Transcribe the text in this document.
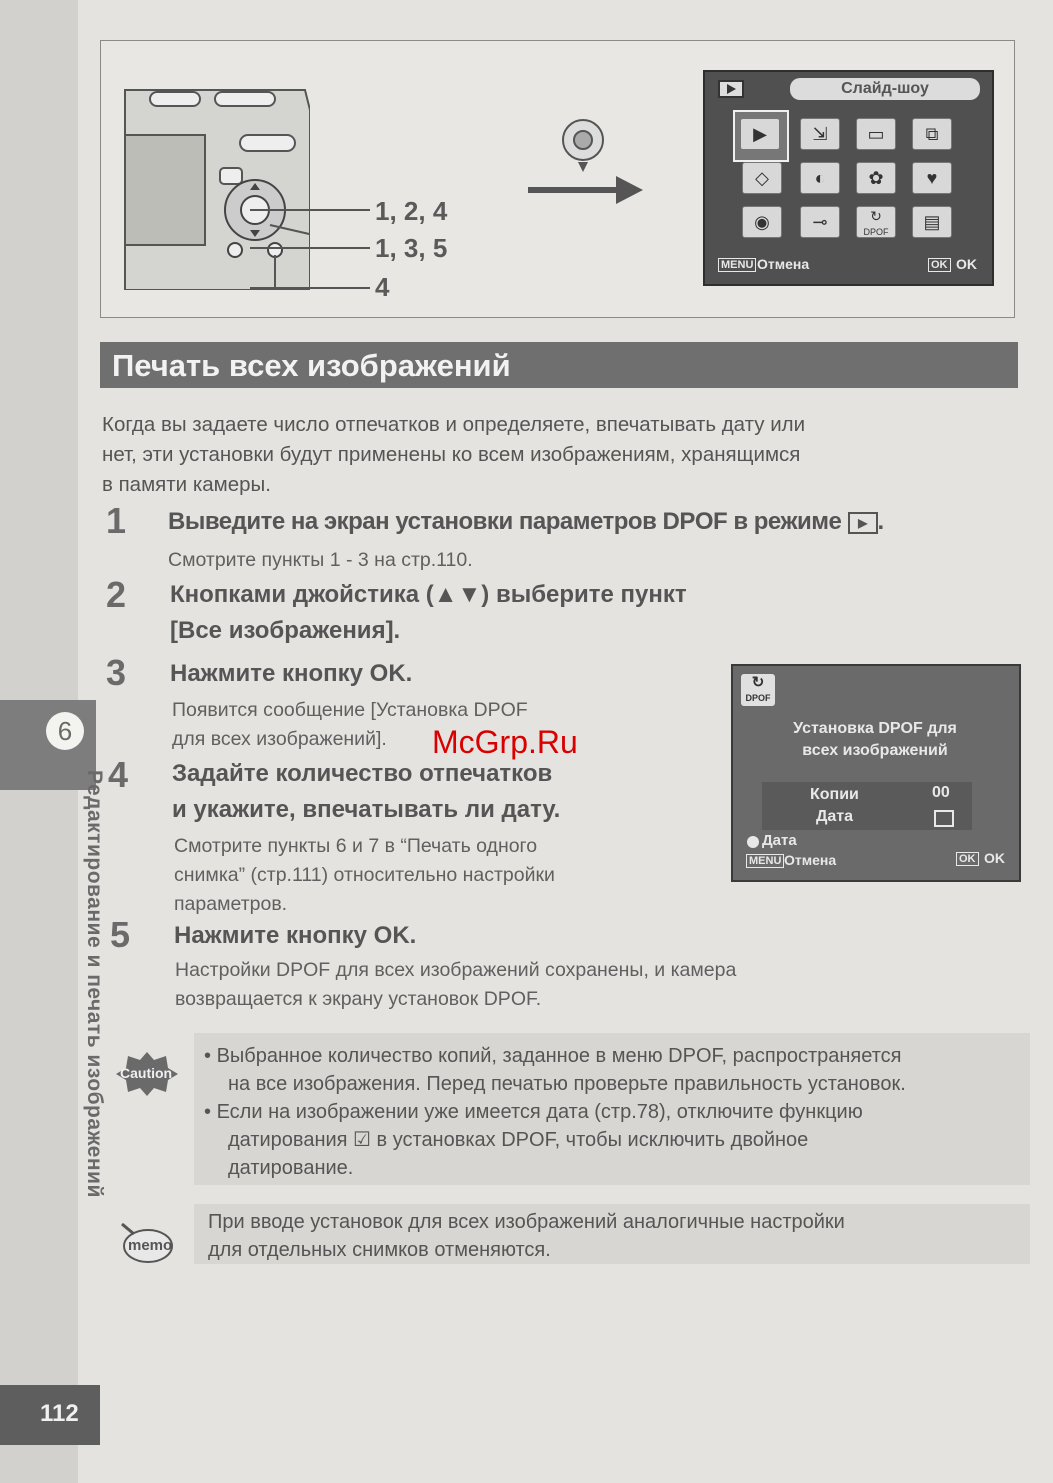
6
Редактирование и печать изображений
112
1, 2, 4
1, 3, 5
4
Слайд-шоу
▶	⇲	▭	⧉
◇	◐	✿	♥
◉	⊸	↻
DPOF	▤
MENU Отмена	OK OK
Печать всех изображений
Когда вы задаете число отпечатков и определяете, впечатывать дату или
нет, эти установки будут применены ко всем изображениям, хранящимся
в памяти камеры.
1 Выведите на экран установки параметров DPOF в режиме ▶ .
Смотрите пункты 1 - 3 на стр.110.
2 Кнопками джойстика (▲▼) выберите пункт
[Все изображения].
3 Нажмите кнопку OK.
Появится сообщение [Установка DPOF
для всех изображений].
4 Задайте количество отпечатков
и укажите, впечатывать ли дату.
Смотрите пункты 6 и 7 в “Печать одного
снимка” (стр.111) относительно настройки
параметров.
5 Нажмите кнопку OK.
Настройки DPOF для всех изображений сохранены, и камера
возвращается к экрану установок DPOF.
↻
DPOF
Установка DPOF для
всех изображений
Копии	00
Дата
Дата
MENU Отмена	OK OK
McGrp.Ru
Caution
• Выбранное количество копий, заданное в меню DPOF, распространяется
на все изображения. Перед печатью проверьте правильность установок.
• Если на изображении уже имеется дата (стр.78), отключите функцию
датирования ☑ в установках DPOF, чтобы исключить двойное
датирование.
memo
При вводе установок для всех изображений аналогичные настройки
для отдельных снимков отменяются.
